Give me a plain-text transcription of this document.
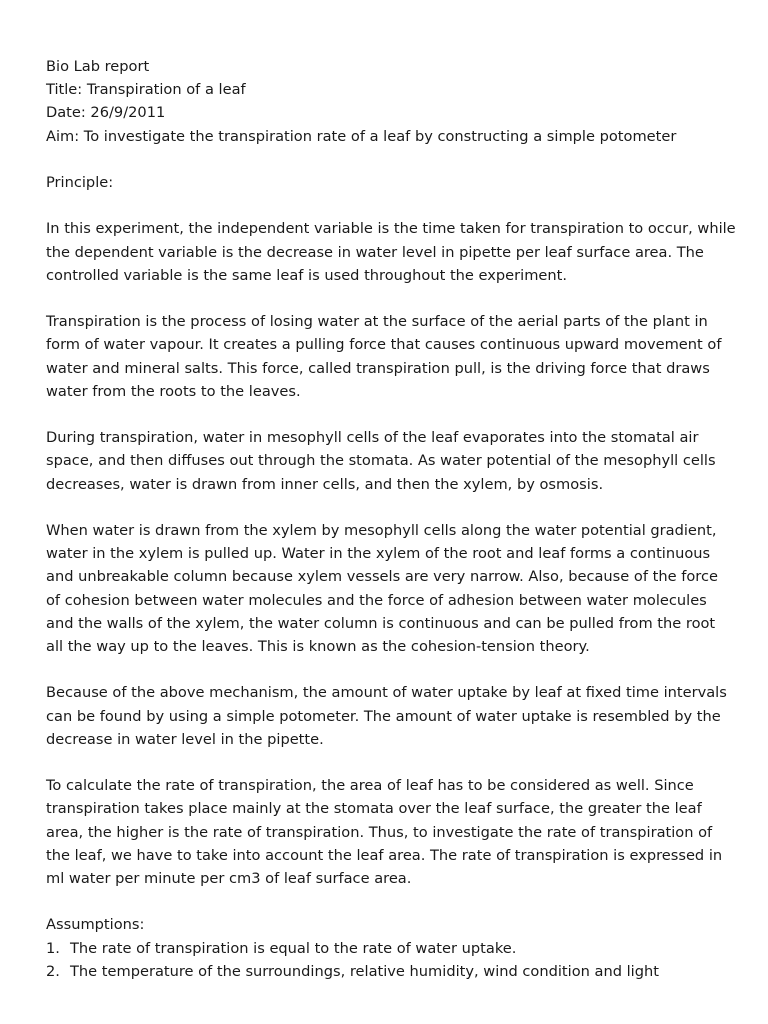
Bio Lab report
Title: Transpiration of a leaf
Date: 26/9/2011
Aim: To investigate the transpiration rate of a leaf by constructing a simple potometer
Principle:

In this experiment, the independent variable is the time taken for transpiration to occur, while the dependent variable is the decrease in water level in pipette per leaf surface area. The controlled variable is the same leaf is used throughout the experiment.

Transpiration is the process of losing water at the surface of the aerial parts of the plant in form of water vapour. It creates a pulling force that causes continuous upward movement of water and mineral salts. This force, called transpiration pull, is the driving force that draws water from the roots to the leaves.

During transpiration, water in mesophyll cells of the leaf evaporates into the stomatal air space, and then diffuses out through the stomata. As water potential of the mesophyll cells decreases, water is drawn from inner cells, and then the xylem, by osmosis.

When water is drawn from the xylem by mesophyll cells along the water potential gradient, water in the xylem is pulled up. Water in the xylem of the root and leaf forms a continuous and unbreakable column because xylem vessels are very narrow. Also, because of the force of cohesion between water molecules and the force of adhesion between water molecules and the walls of the xylem, the water column is continuous and can be pulled from the root all the way up to the leaves. This is known as the cohesion-tension theory.

Because of the above mechanism, the amount of water uptake by leaf at fixed time intervals can be found by using a simple potometer. The amount of water uptake is resembled by the decrease in water level in the pipette.

To calculate the rate of transpiration, the area of leaf has to be considered as well. Since transpiration takes place mainly at the stomata over the leaf surface, the greater the leaf area, the higher is the rate of transpiration. Thus, to investigate the rate of transpiration of the leaf, we have to take into account the leaf area. The rate of transpiration is expressed in ml water per minute per cm3 of leaf surface area.

Assumptions:
1. The rate of transpiration is equal to the rate of water uptake.
2. The temperature of the surroundings, relative humidity, wind condition and light
